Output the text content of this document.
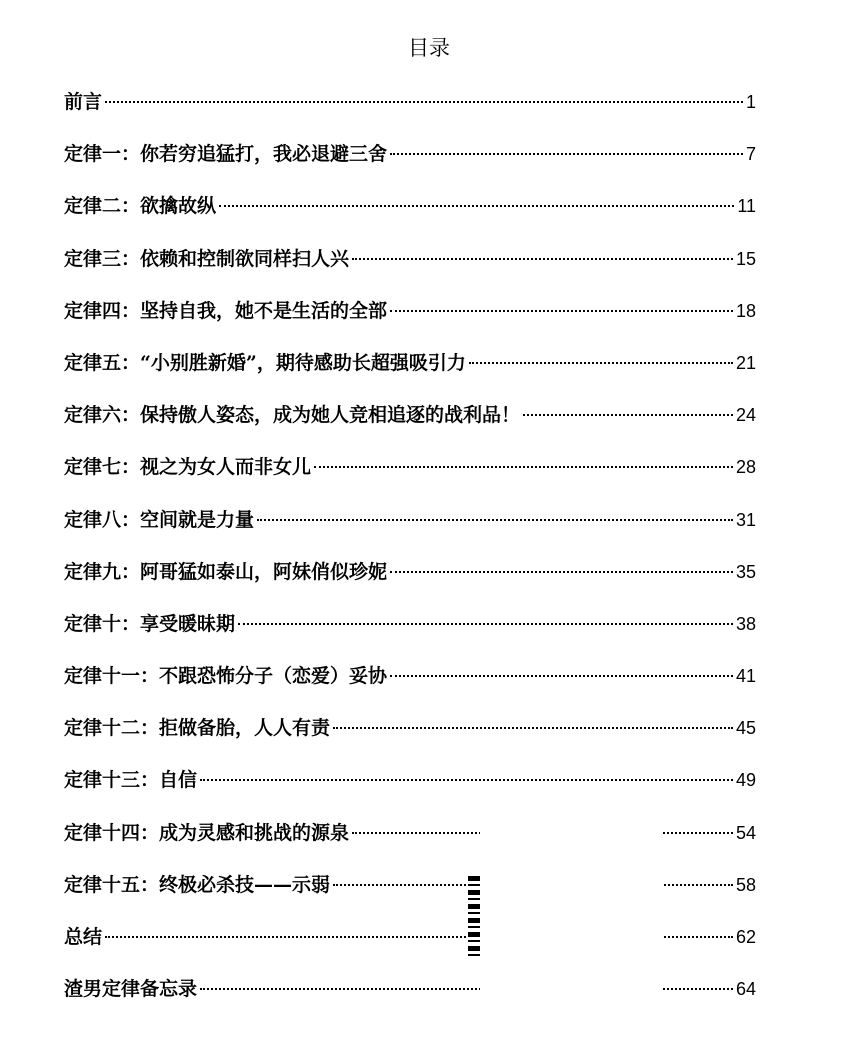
目录
前言	1
定律一：你若穷追猛打，我必退避三舍	7
定律二：欲擒故纵	11
定律三：依赖和控制欲同样扫人兴	15
定律四：坚持自我，她不是生活的全部	18
定律五：“小别胜新婚”，期待感助长超强吸引力	21
定律六：保持傲人姿态，成为她人竞相追逐的战利品！	24
定律七：视之为女人而非女儿	28
定律八：空间就是力量	31
定律九：阿哥猛如泰山，阿妹俏似珍妮	35
定律十：享受暖昧期	38
定律十一：不跟恐怖分子（恋爱）妥协	41
定律十二：拒做备胎，人人有责	45
定律十三：自信	49
定律十四：成为灵感和挑战的源泉	54
定律十五：终极必杀技——示弱	58
总结	62
渣男定律备忘录	64
